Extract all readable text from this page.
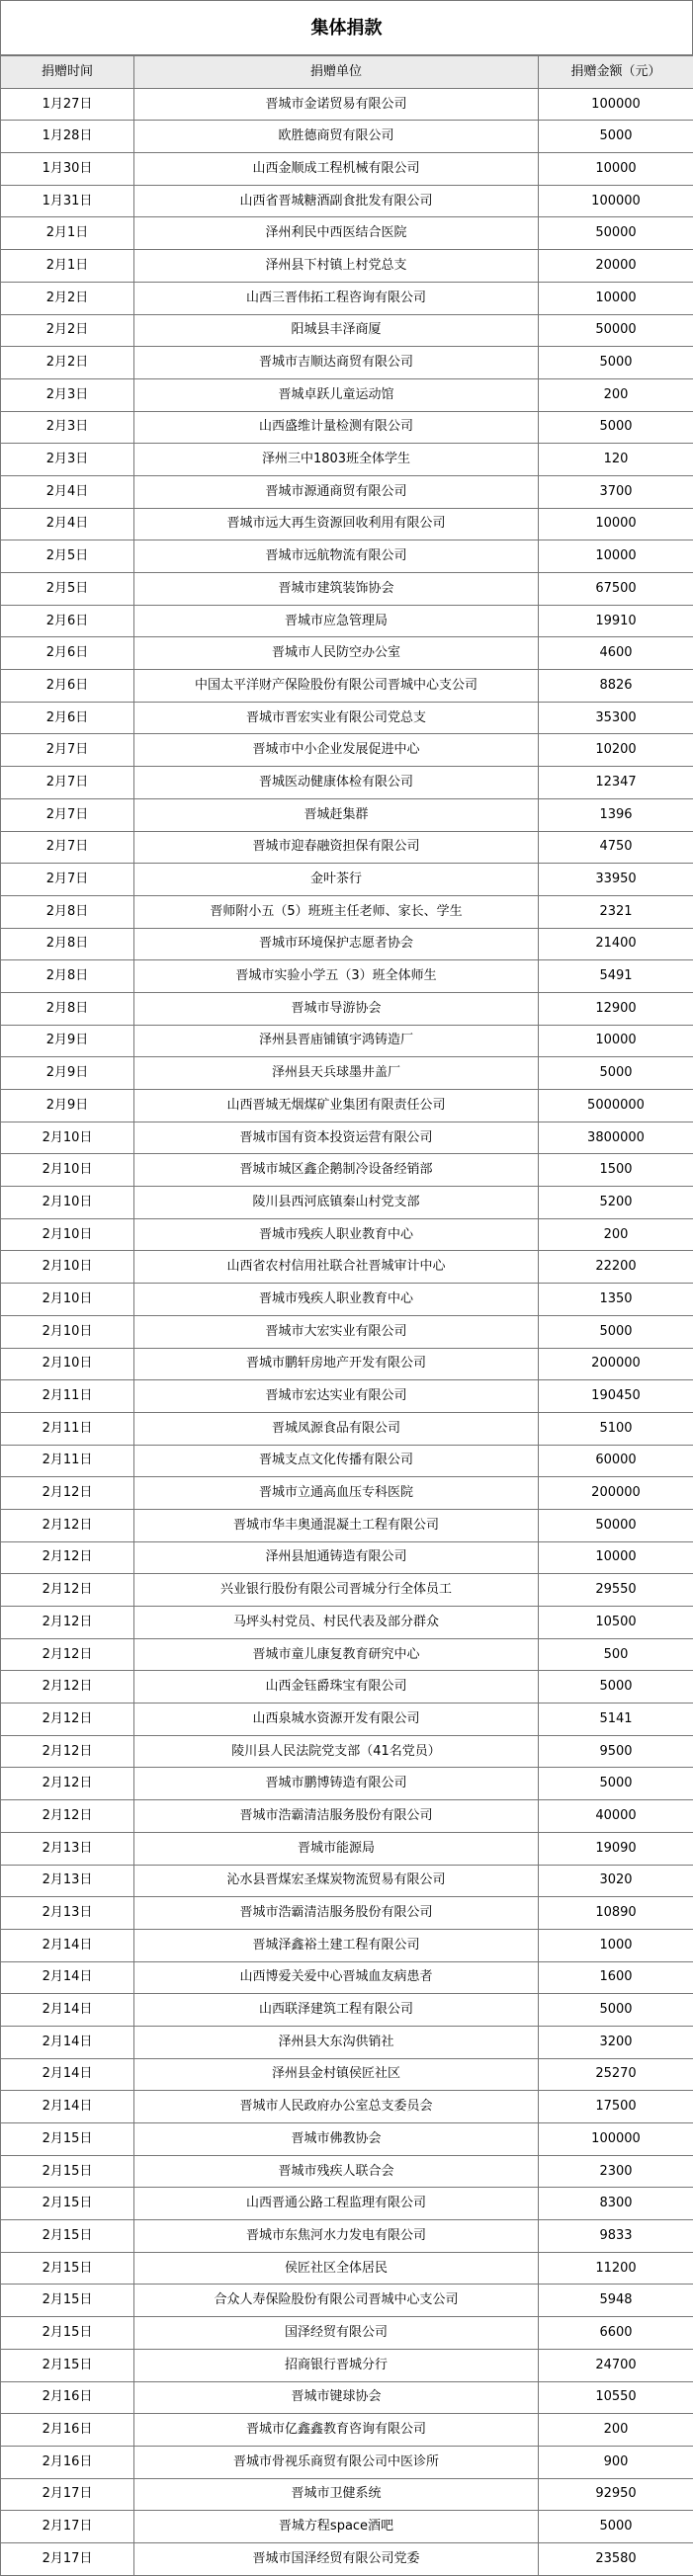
集体捐款
捐赠时间	捐赠单位	捐赠金额（元）
1月27日	晋城市金诺贸易有限公司	100000
1月28日	欧胜德商贸有限公司	5000
1月30日	山西金顺成工程机械有限公司	10000
1月31日	山西省晋城糖酒副食批发有限公司	100000
2月1日	泽州利民中西医结合医院	50000
2月1日	泽州县下村镇上村党总支	20000
2月2日	山西三晋伟拓工程咨询有限公司	10000
2月2日	阳城县丰泽商厦	50000
2月2日	晋城市吉顺达商贸有限公司	5000
2月3日	晋城卓跃儿童运动馆	200
2月3日	山西盛维计量检测有限公司	5000
2月3日	泽州三中1803班全体学生	120
2月4日	晋城市源通商贸有限公司	3700
2月4日	晋城市远大再生资源回收利用有限公司	10000
2月5日	晋城市远航物流有限公司	10000
2月5日	晋城市建筑装饰协会	67500
2月6日	晋城市应急管理局	19910
2月6日	晋城市人民防空办公室	4600
2月6日	中国太平洋财产保险股份有限公司晋城中心支公司	8826
2月6日	晋城市晋宏实业有限公司党总支	35300
2月7日	晋城市中小企业发展促进中心	10200
2月7日	晋城医动健康体检有限公司	12347
2月7日	晋城赶集群	1396
2月7日	晋城市迎春融资担保有限公司	4750
2月7日	金叶茶行	33950
2月8日	晋师附小五（5）班班主任老师、家长、学生	2321
2月8日	晋城市环境保护志愿者协会	21400
2月8日	晋城市实验小学五（3）班全体师生	5491
2月8日	晋城市导游协会	12900
2月9日	泽州县晋庙铺镇宇鸿铸造厂	10000
2月9日	泽州县天兵球墨井盖厂	5000
2月9日	山西晋城无烟煤矿业集团有限责任公司	5000000
2月10日	晋城市国有资本投资运营有限公司	3800000
2月10日	晋城市城区鑫企鹅制冷设备经销部	1500
2月10日	陵川县西河底镇秦山村党支部	5200
2月10日	晋城市残疾人职业教育中心	200
2月10日	山西省农村信用社联合社晋城审计中心	22200
2月10日	晋城市残疾人职业教育中心	1350
2月10日	晋城市大宏实业有限公司	5000
2月10日	晋城市鹏轩房地产开发有限公司	200000
2月11日	晋城市宏达实业有限公司	190450
2月11日	晋城凤源食品有限公司	5100
2月11日	晋城支点文化传播有限公司	60000
2月12日	晋城市立通高血压专科医院	200000
2月12日	晋城市华丰奥通混凝土工程有限公司	50000
2月12日	泽州县旭通铸造有限公司	10000
2月12日	兴业银行股份有限公司晋城分行全体员工	29550
2月12日	马坪头村党员、村民代表及部分群众	10500
2月12日	晋城市童儿康复教育研究中心	500
2月12日	山西金钰爵珠宝有限公司	5000
2月12日	山西泉城水资源开发有限公司	5141
2月12日	陵川县人民法院党支部（41名党员）	9500
2月12日	晋城市鹏博铸造有限公司	5000
2月12日	晋城市浩霸清洁服务股份有限公司	40000
2月13日	晋城市能源局	19090
2月13日	沁水县晋煤宏圣煤炭物流贸易有限公司	3020
2月13日	晋城市浩霸清洁服务股份有限公司	10890
2月14日	晋城泽鑫裕土建工程有限公司	1000
2月14日	山西博爱关爱中心晋城血友病患者	1600
2月14日	山西联泽建筑工程有限公司	5000
2月14日	泽州县大东沟供销社	3200
2月14日	泽州县金村镇侯匠社区	25270
2月14日	晋城市人民政府办公室总支委员会	17500
2月15日	晋城市佛教协会	100000
2月15日	晋城市残疾人联合会	2300
2月15日	山西晋通公路工程监理有限公司	8300
2月15日	晋城市东焦河水力发电有限公司	9833
2月15日	侯匠社区全体居民	11200
2月15日	合众人寿保险股份有限公司晋城中心支公司	5948
2月15日	国泽经贸有限公司	6600
2月15日	招商银行晋城分行	24700
2月16日	晋城市键球协会	10550
2月16日	晋城市亿鑫鑫教育咨询有限公司	200
2月16日	晋城市骨视乐商贸有限公司中医诊所	900
2月17日	晋城市卫健系统	92950
2月17日	晋城方程space酒吧	5000
2月17日	晋城市国泽经贸有限公司党委	23580
